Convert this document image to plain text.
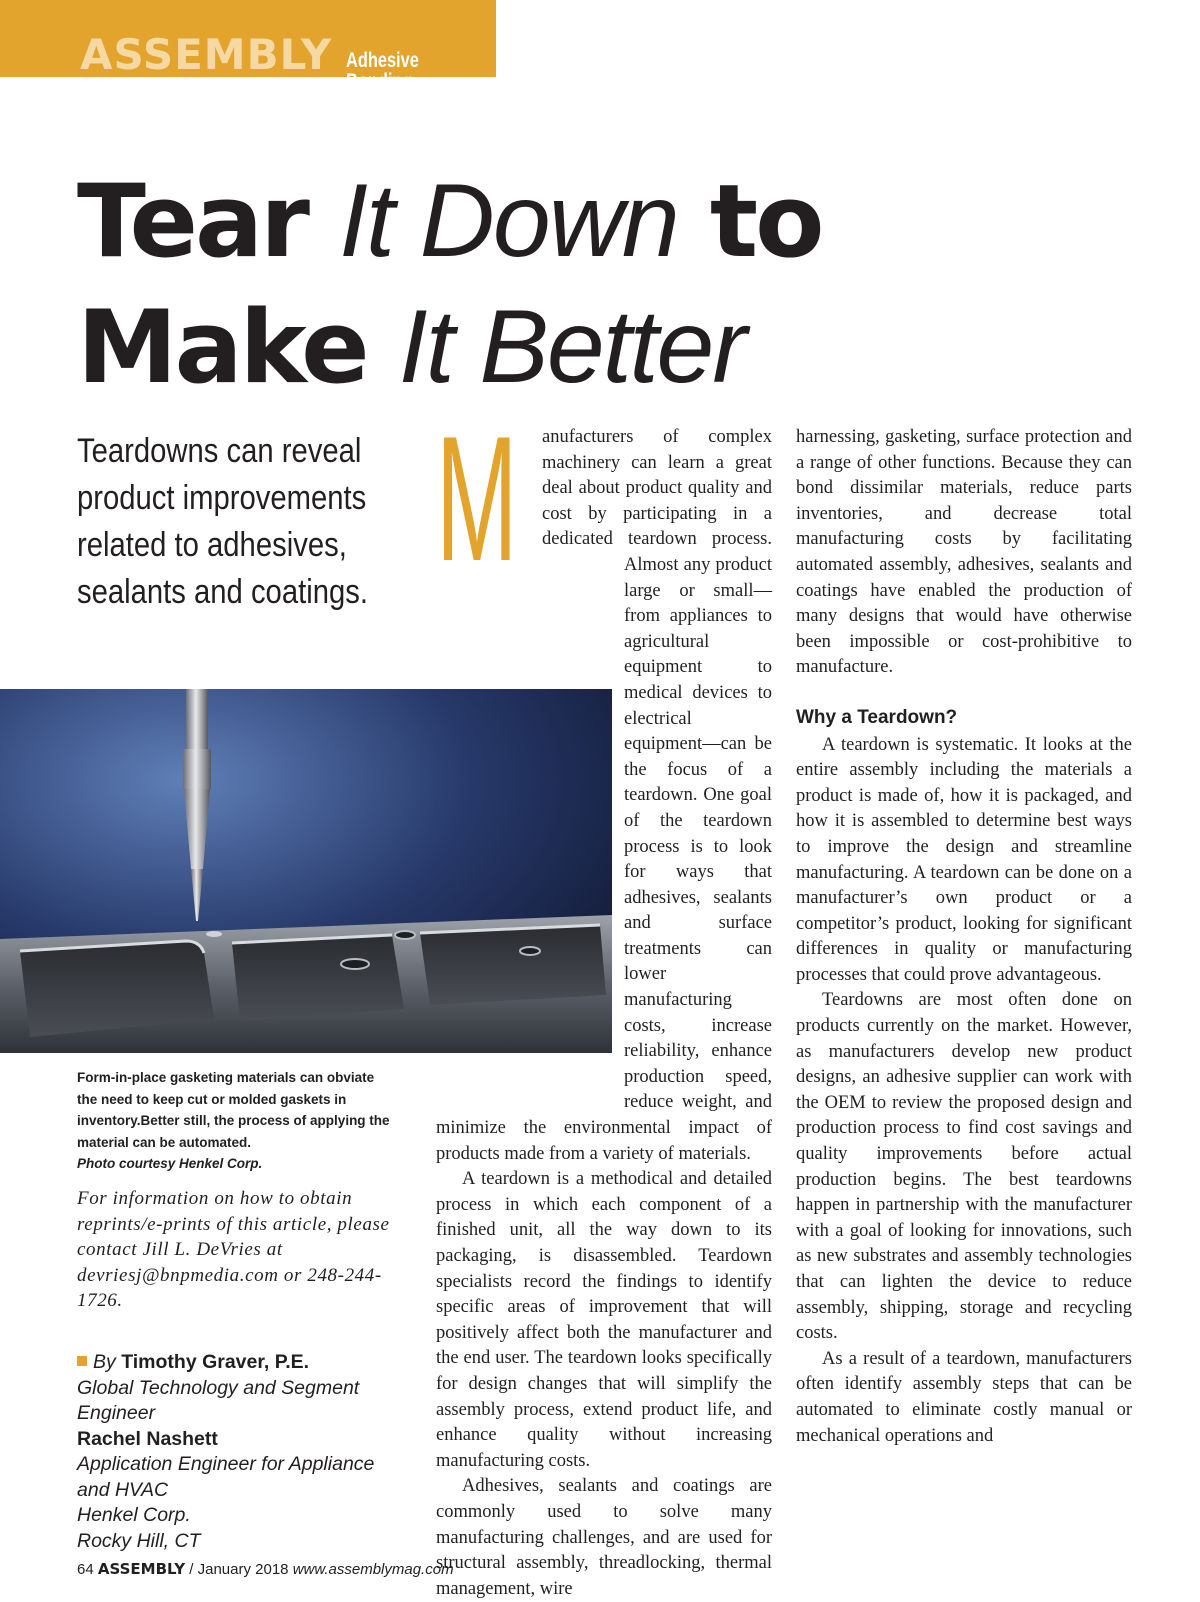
ASSEMBLY Adhesive Bonding
Tear It Down to
Make It Better
Teardowns can reveal product improvements related to adhesives, sealants and coatings.
Form-in-place gasketing materials can obviate the need to keep cut or molded gaskets in inventory.Better still, the process of applying the material can be automated.
Photo courtesy Henkel Corp.
For information on how to obtain reprints/e-prints of this article, please contact Jill L. DeVries at devriesj@bnpmedia.com or 248-244-1726.
By Timothy Graver, P.E.
Global Technology and Segment Engineer
Rachel Nashett
Application Engineer for Appliance and HVAC
Henkel Corp.
Rocky Hill, CT
M	anufacturers of complex machinery can learn a great deal about product quality and cost by participating in a dedicated teardown process. Almost any product large or small—from appliances to agricultural equipment to medical devices to electrical equipment—can be the focus of a teardown. One goal of the teardown process is to look for ways that adhesives, sealants and surface treatments can lower manufacturing costs, increase reliability, enhance production speed, reduce weight, and minimize the environmental impact of products made from a variety of materials.

A teardown is a methodical and detailed process in which each component of a finished unit, all the way down to its packaging, is disassembled. Teardown specialists record the findings to identify specific areas of improvement that will positively affect both the manufacturer and the end user. The teardown looks specifically for design changes that will simplify the assembly process, extend product life, and enhance quality without increasing manufacturing costs.

Adhesives, sealants and coatings are commonly used to solve many manufacturing challenges, and are used for structural assembly, threadlocking, thermal management, wire

harnessing, gasketing, surface protection and a range of other functions. Because they can bond dissimilar materials, reduce parts inventories, and decrease total manufacturing costs by facilitating automated assembly, adhesives, sealants and coatings have enabled the production of many designs that would have otherwise been impossible or cost-prohibitive to manufacture.

Why a Teardown?

A teardown is systematic. It looks at the entire assembly including the materials a product is made of, how it is packaged, and how it is assembled to determine best ways to improve the design and streamline manufacturing. A teardown can be done on a manufacturer’s own product or a competitor’s product, looking for significant differences in quality or manufacturing processes that could prove advantageous.

Teardowns are most often done on products currently on the market. However, as manufacturers develop new product designs, an adhesive supplier can work with the OEM to review the proposed design and production process to find cost savings and quality improvements before actual production begins. The best teardowns happen in partnership with the manufacturer with a goal of looking for innovations, such as new substrates and assembly technologies that can lighten the device to reduce assembly, shipping, storage and recycling costs.

As a result of a teardown, manufacturers often identify assembly steps that can be automated to eliminate costly manual or mechanical operations and

64 ASSEMBLY / January 2018 www.assemblymag.com
